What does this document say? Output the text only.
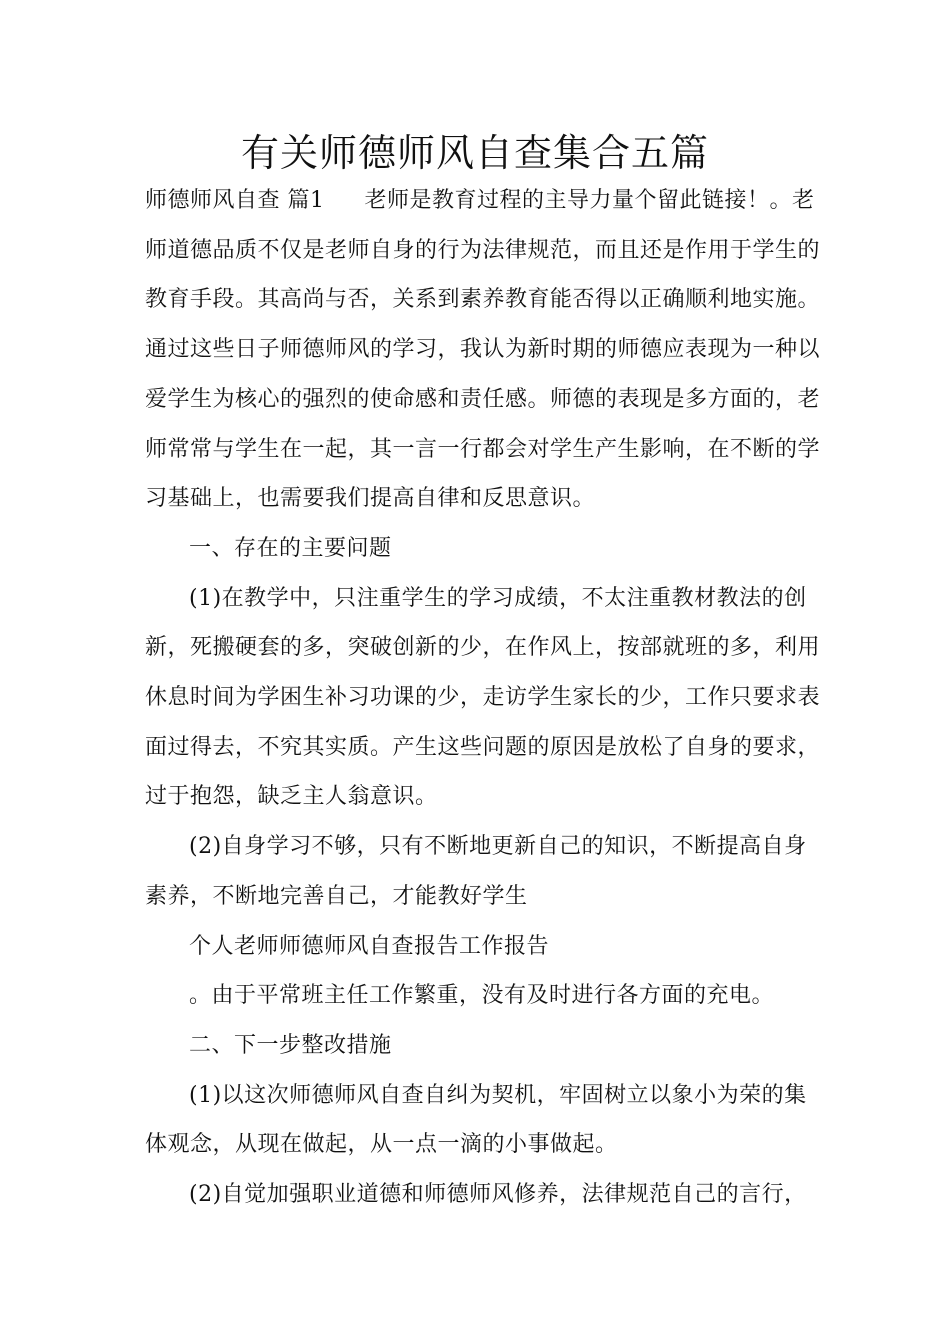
有关师德师风自查集合五篇

师德师风自查 篇1 老师是教育过程的主导力量个留此链接！。老师道德品质不仅是老师自身的行为法律规范，而且还是作用于学生的教育手段。其高尚与否，关系到素养教育能否得以正确顺利地实施。通过这些日子师德师风的学习，我认为新时期的师德应表现为一种以爱学生为核心的强烈的使命感和责任感。师德的表现是多方面的，老师常常与学生在一起，其一言一行都会对学生产生影响，在不断的学习基础上，也需要我们提高自律和反思意识。

一、存在的主要问题

(1)在教学中，只注重学生的学习成绩，不太注重教材教法的创新，死搬硬套的多，突破创新的少，在作风上，按部就班的多，利用休息时间为学困生补习功课的少，走访学生家长的少，工作只要求表面过得去，不究其实质。产生这些问题的原因是放松了自身的要求，过于抱怨，缺乏主人翁意识。

(2)自身学习不够，只有不断地更新自己的知识，不断提高自身素养，不断地完善自己，才能教好学生

个人老师师德师风自查报告工作报告

。由于平常班主任工作繁重，没有及时进行各方面的充电。

二、下一步整改措施

(1)以这次师德师风自查自纠为契机，牢固树立以象小为荣的集体观念，从现在做起，从一点一滴的小事做起。

(2)自觉加强职业道德和师德师风修养，法律规范自己的言行，
